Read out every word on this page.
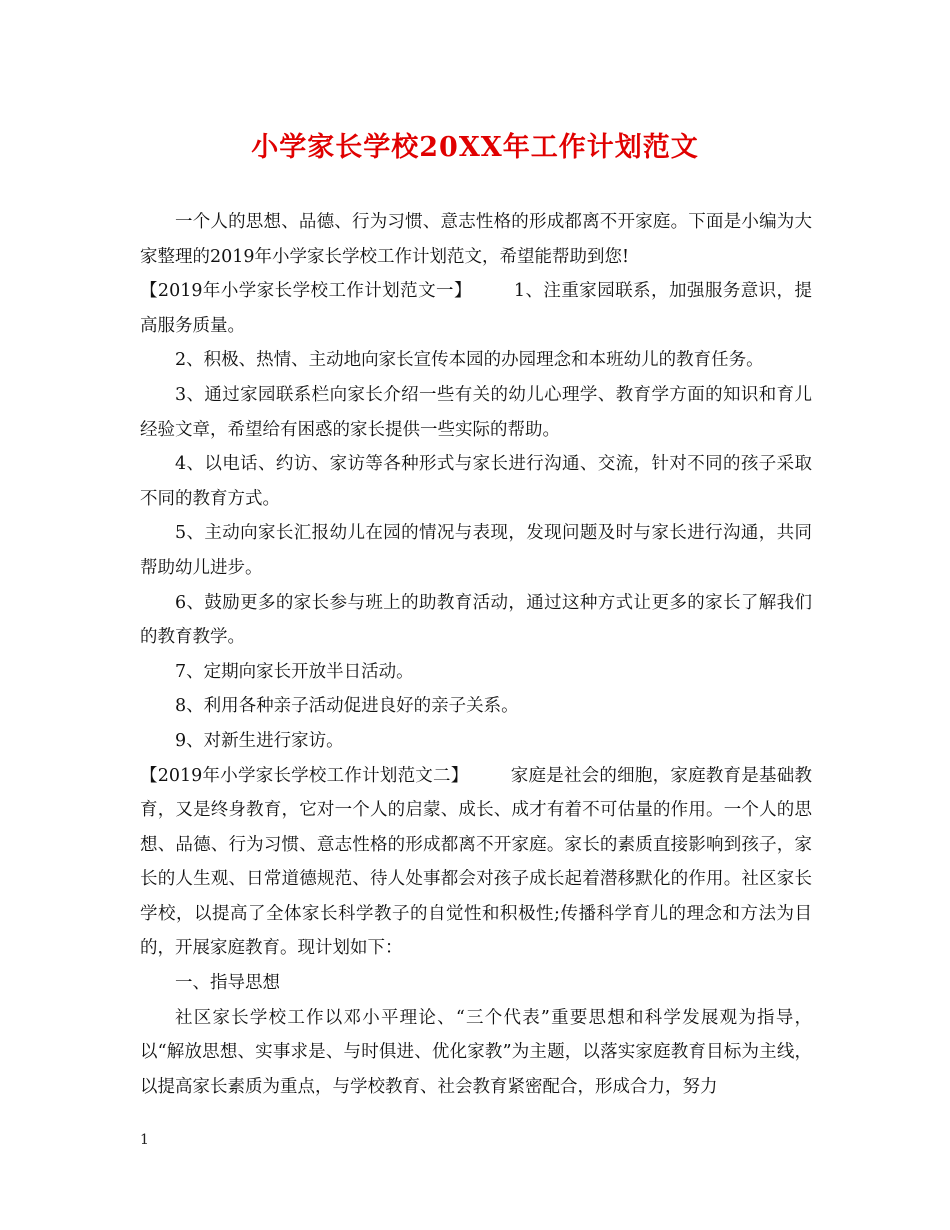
小学家长学校20XX年工作计划范文

一个人的思想、品德、行为习惯、意志性格的形成都离不开家庭。下面是小编为大家整理的2019年小学家长学校工作计划范文，希望能帮助到您!

【2019年小学家长学校工作计划范文一】 1、注重家园联系，加强服务意识，提高服务质量。

2、积极、热情、主动地向家长宣传本园的办园理念和本班幼儿的教育任务。

3、通过家园联系栏向家长介绍一些有关的幼儿心理学、教育学方面的知识和育儿经验文章，希望给有困惑的家长提供一些实际的帮助。

4、以电话、约访、家访等各种形式与家长进行沟通、交流，针对不同的孩子采取不同的教育方式。

5、主动向家长汇报幼儿在园的情况与表现，发现问题及时与家长进行沟通，共同帮助幼儿进步。

6、鼓励更多的家长参与班上的助教育活动，通过这种方式让更多的家长了解我们的教育教学。

7、定期向家长开放半日活动。

8、利用各种亲子活动促进良好的亲子关系。

9、对新生进行家访。

【2019年小学家长学校工作计划范文二】 家庭是社会的细胞，家庭教育是基础教育，又是终身教育，它对一个人的启蒙、成长、成才有着不可估量的作用。一个人的思想、品德、行为习惯、意志性格的形成都离不开家庭。家长的素质直接影响到孩子，家长的人生观、日常道德规范、待人处事都会对孩子成长起着潜移默化的作用。社区家长学校，以提高了全体家长科学教子的自觉性和积极性;传播科学育儿的理念和方法为目的，开展家庭教育。现计划如下：

一、指导思想

社区家长学校工作以邓小平理论、“三个代表”重要思想和科学发展观为指导，以“解放思想、实事求是、与时俱进、优化家教”为主题，以落实家庭教育目标为主线，以提高家长素质为重点，与学校教育、社会教育紧密配合，形成合力，努力

1
